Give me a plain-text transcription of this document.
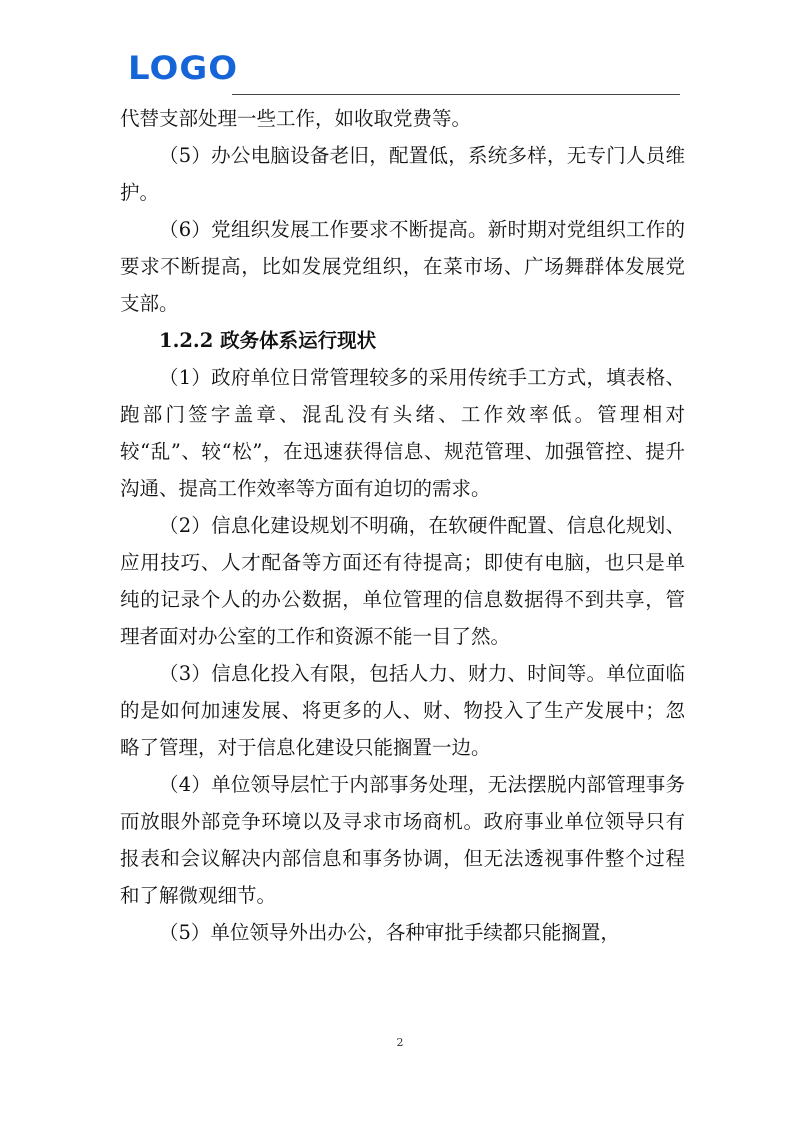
LOGO

代替支部处理一些工作，如收取党费等。

（5）办公电脑设备老旧，配置低，系统多样，无专门人员维护。

（6）党组织发展工作要求不断提高。新时期对党组织工作的要求不断提高，比如发展党组织，在菜市场、广场舞群体发展党支部。

1.2.2 政务体系运行现状

（1）政府单位日常管理较多的采用传统手工方式，填表格、跑部门签字盖章、混乱没有头绪、工作效率低。管理相对较“乱”、较“松”，在迅速获得信息、规范管理、加强管控、提升沟通、提高工作效率等方面有迫切的需求。

（2）信息化建设规划不明确，在软硬件配置、信息化规划、应用技巧、人才配备等方面还有待提高；即使有电脑，也只是单纯的记录个人的办公数据，单位管理的信息数据得不到共享，管理者面对办公室的工作和资源不能一目了然。

（3）信息化投入有限，包括人力、财力、时间等。单位面临的是如何加速发展、将更多的人、财、物投入了生产发展中；忽略了管理，对于信息化建设只能搁置一边。

（4）单位领导层忙于内部事务处理，无法摆脱内部管理事务而放眼外部竞争环境以及寻求市场商机。政府事业单位领导只有报表和会议解决内部信息和事务协调，但无法透视事件整个过程和了解微观细节。

（5）单位领导外出办公，各种审批手续都只能搁置，

2
